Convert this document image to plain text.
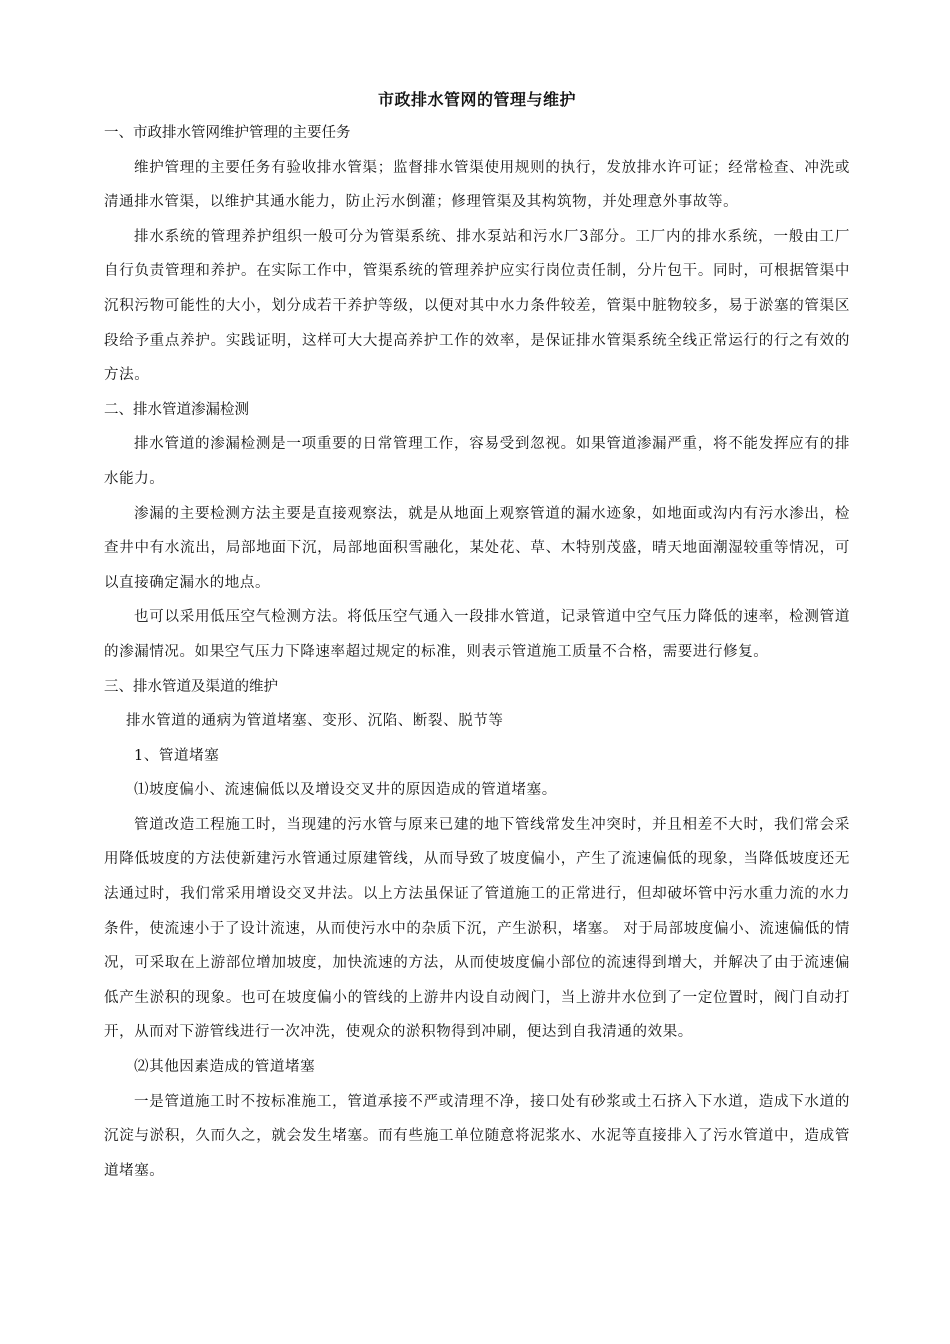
市政排水管网的管理与维护

一、市政排水管网维护管理的主要任务

维护管理的主要任务有验收排水管渠；监督排水管渠使用规则的执行，发放排水许可证；经常检查、冲洗或清通排水管渠，以维护其通水能力，防止污水倒灌；修理管渠及其构筑物，并处理意外事故等。

排水系统的管理养护组织一般可分为管渠系统、排水泵站和污水厂3部分。工厂内的排水系统，一般由工厂自行负责管理和养护。在实际工作中，管渠系统的管理养护应实行岗位责任制，分片包干。同时，可根据管渠中沉积污物可能性的大小，划分成若干养护等级，以便对其中水力条件较差，管渠中脏物较多，易于淤塞的管渠区段给予重点养护。实践证明，这样可大大提高养护工作的效率，是保证排水管渠系统全线正常运行的行之有效的方法。

二、排水管道渗漏检测

排水管道的渗漏检测是一项重要的日常管理工作，容易受到忽视。如果管道渗漏严重，将不能发挥应有的排水能力。

渗漏的主要检测方法主要是直接观察法，就是从地面上观察管道的漏水迹象，如地面或沟内有污水渗出，检查井中有水流出，局部地面下沉，局部地面积雪融化，某处花、草、木特别茂盛，晴天地面潮湿较重等情况，可以直接确定漏水的地点。

也可以采用低压空气检测方法。将低压空气通入一段排水管道，记录管道中空气压力降低的速率，检测管道的渗漏情况。如果空气压力下降速率超过规定的标准，则表示管道施工质量不合格，需要进行修复。

三、排水管道及渠道的维护

排水管道的通病为管道堵塞、变形、沉陷、断裂、脱节等

1、管道堵塞

⑴坡度偏小、流速偏低以及增设交叉井的原因造成的管道堵塞。

管道改造工程施工时，当现建的污水管与原来已建的地下管线常发生冲突时，并且相差不大时，我们常会采用降低坡度的方法使新建污水管通过原建管线，从而导致了坡度偏小，产生了流速偏低的现象，当降低坡度还无法通过时，我们常采用增设交叉井法。以上方法虽保证了管道施工的正常进行，但却破坏管中污水重力流的水力条件，使流速小于了设计流速，从而使污水中的杂质下沉，产生淤积，堵塞。 对于局部坡度偏小、流速偏低的情况，可采取在上游部位增加坡度，加快流速的方法，从而使坡度偏小部位的流速得到增大，并解决了由于流速偏低产生淤积的现象。也可在坡度偏小的管线的上游井内设自动阀门，当上游井水位到了一定位置时，阀门自动打开，从而对下游管线进行一次冲洗，使观众的淤积物得到冲刷，便达到自我清通的效果。

⑵其他因素造成的管道堵塞

一是管道施工时不按标准施工，管道承接不严或清理不净，接口处有砂浆或土石挤入下水道，造成下水道的沉淀与淤积，久而久之，就会发生堵塞。而有些施工单位随意将泥浆水、水泥等直接排入了污水管道中，造成管道堵塞。
